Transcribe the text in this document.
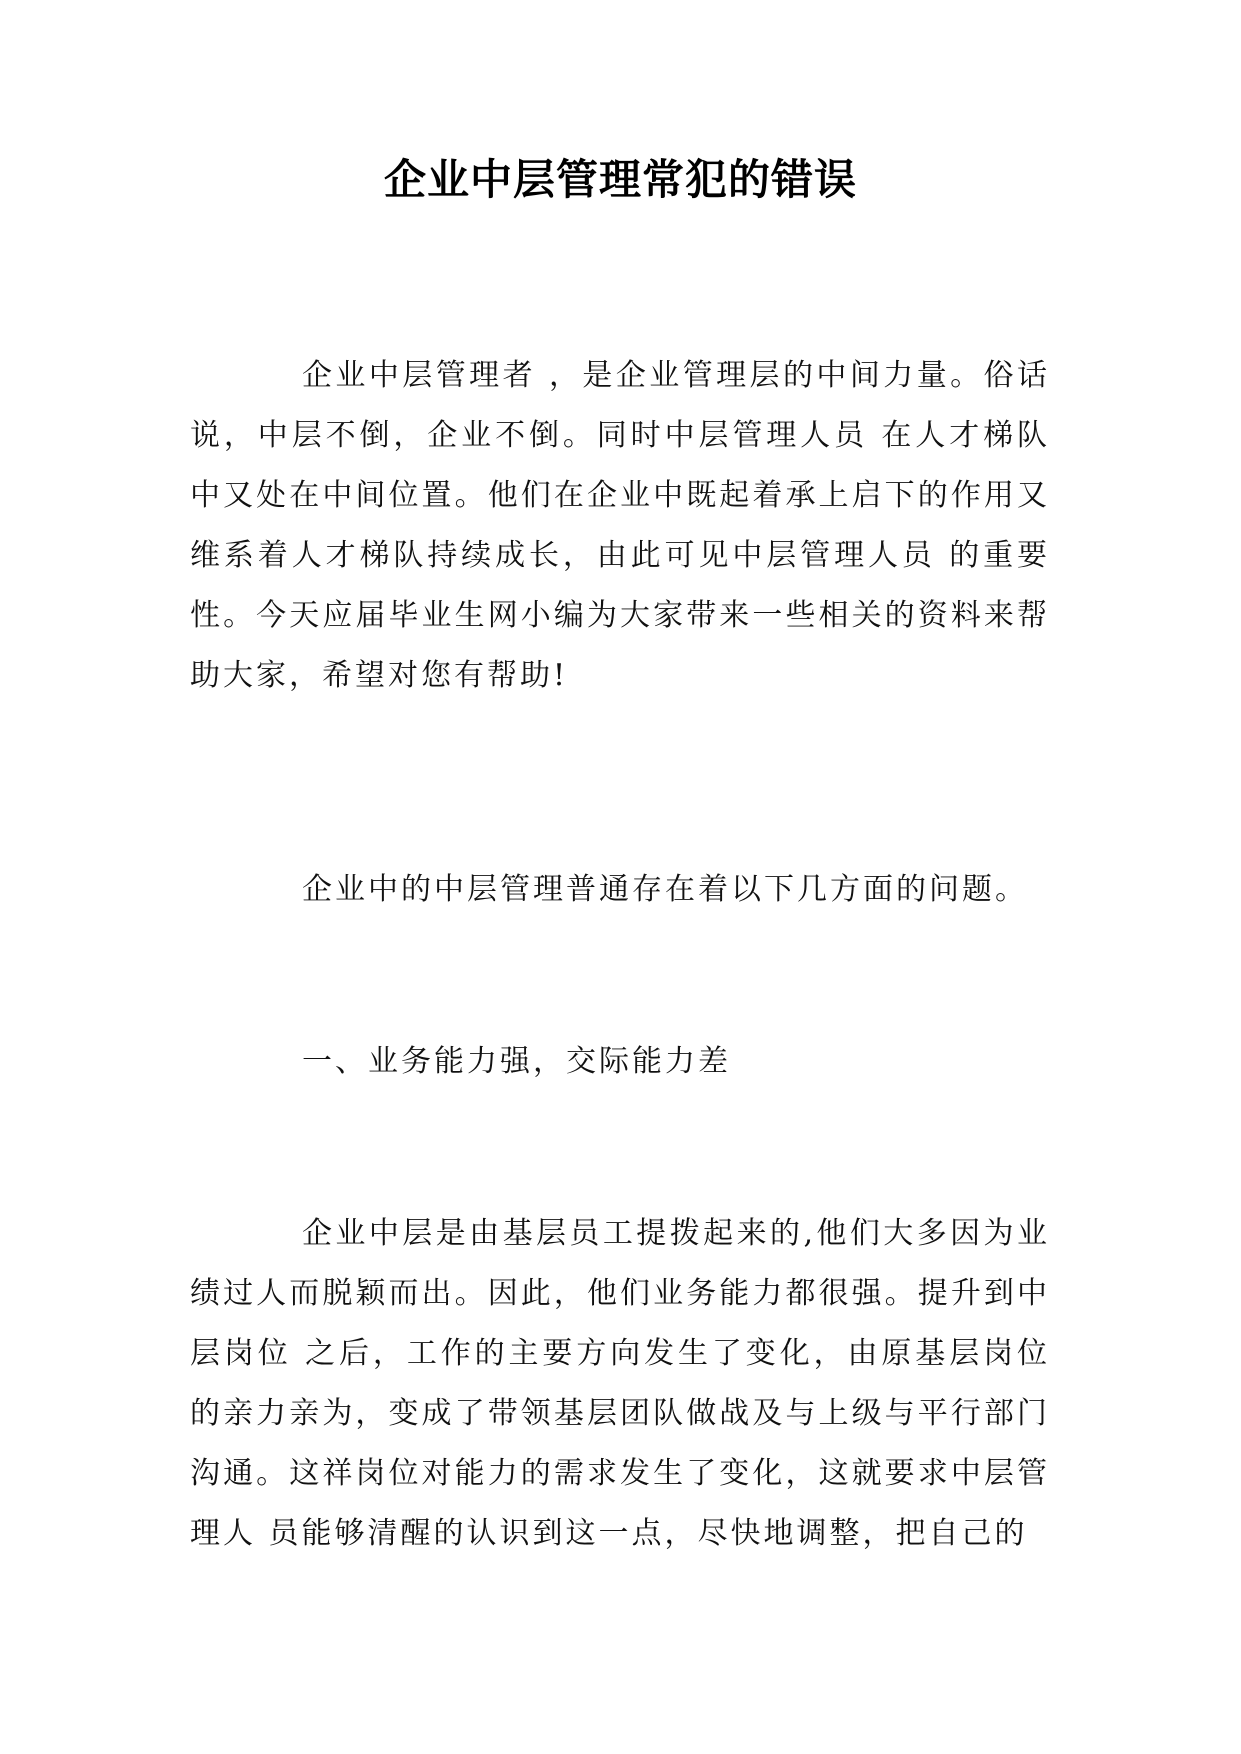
企业中层管理常犯的错误

企业中层管理者 ，是企业管理层的中间力量。俗话说，中层不倒，企业不倒。同时中层管理人员 在人才梯队中又处在中间位置。他们在企业中既起着承上启下的作用又维系着人才梯队持续成长，由此可见中层管理人员 的重要性。今天应届毕业生网小编为大家带来一些相关的资料来帮助大家，希望对您有帮助!

企业中的中层管理普通存在着以下几方面的问题。

一、业务能力强，交际能力差

企业中层是由基层员工提拨起来的,他们大多因为业绩过人而脱颖而出。因此，他们业务能力都很强。提升到中层岗位 之后，工作的主要方向发生了变化，由原基层岗位的亲力亲为，变成了带领基层团队做战及与上级与平行部门沟通。这祥岗位对能力的需求发生了变化，这就要求中层管理人 员能够清醒的认识到这一点，尽快地调整，把自己的
